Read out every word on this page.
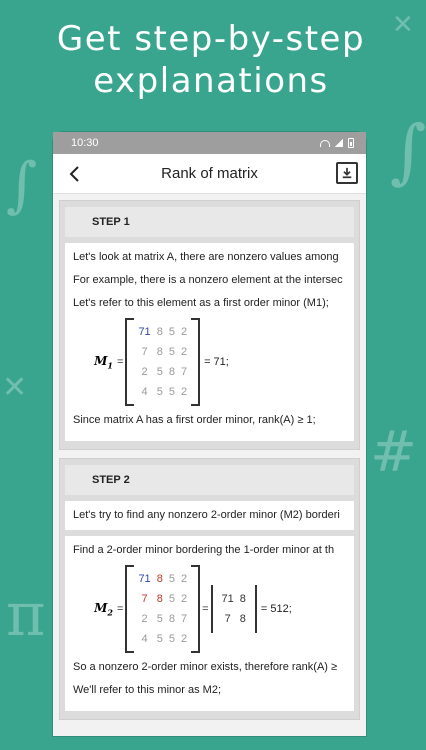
∫
✕
π
∫
#
✕
Get step-by-step explanations
10:30
Rank of matrix
STEP 1
Let's look at matrix A, there are nonzero values among
For example, there is a nonzero element at the intersec
Let's refer to this element as a first order minor (M1);
$M_1$ =
71	8	5	2
7	8	5	2
2	5	8	7
4	5	5	2
= 71;
Since matrix A has a first order minor, rank(A) ≥ 1;
STEP 2
Let's try to find any nonzero 2-order minor (M2) borderi
Find a 2-order minor bordering the 1-order minor at th
$M_2$ =
71	8	5	2
7	8	5	2
2	5	8	7
4	5	5	2
=
71	8
7	8
= 512;
So a nonzero 2-order minor exists, therefore rank(A) ≥
We'll refer to this minor as M2;
